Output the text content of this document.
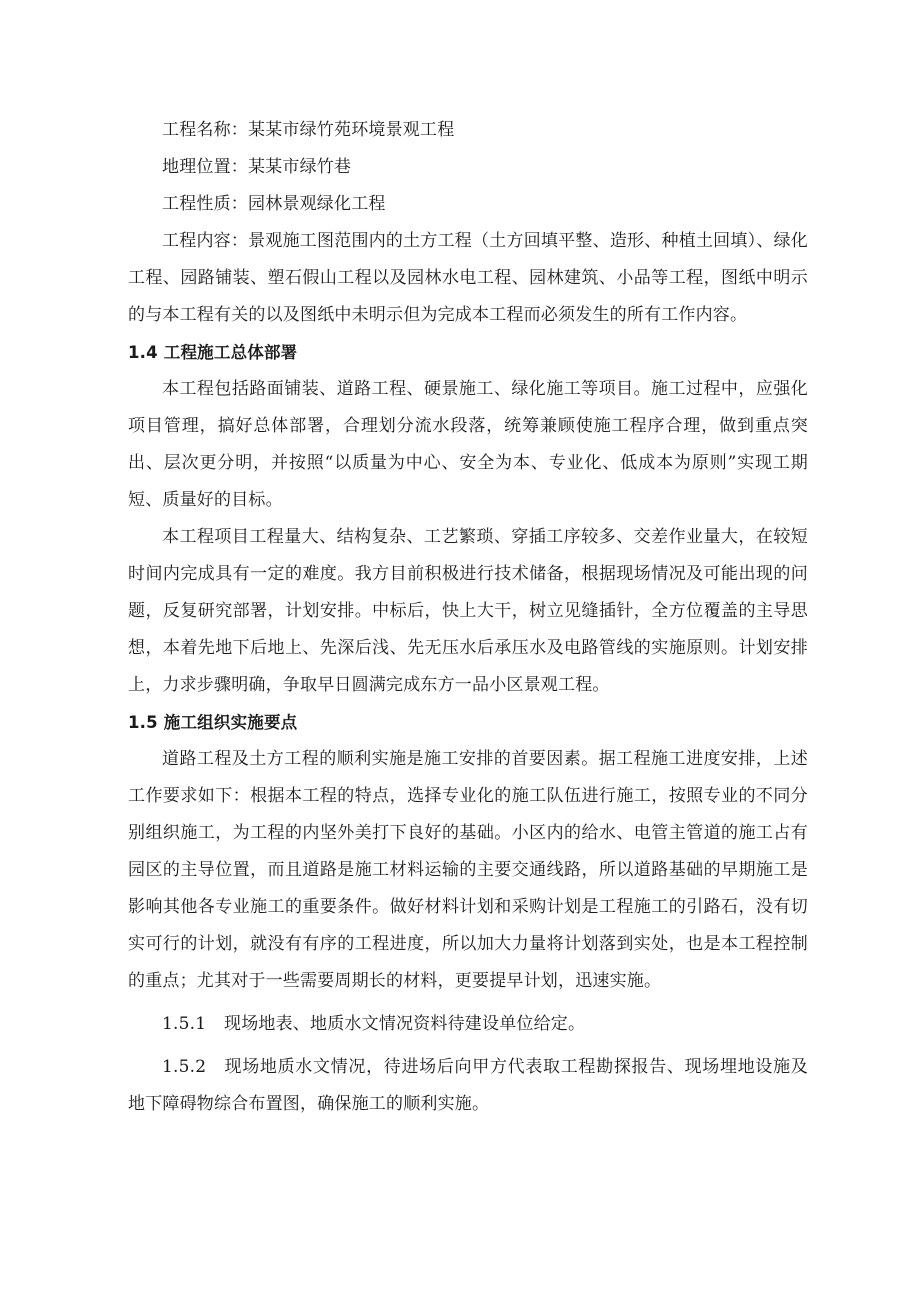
工程名称：某某市绿竹苑环境景观工程

地理位置：某某市绿竹巷

工程性质：园林景观绿化工程

工程内容：景观施工图范围内的土方工程（土方回填平整、造形、种植土回填）、绿化工程、园路铺装、塑石假山工程以及园林水电工程、园林建筑、小品等工程，图纸中明示的与本工程有关的以及图纸中未明示但为完成本工程而必须发生的所有工作内容。

1.4 工程施工总体部署

本工程包括路面铺装、道路工程、硬景施工、绿化施工等项目。施工过程中，应强化项目管理，搞好总体部署，合理划分流水段落，统筹兼顾使施工程序合理，做到重点突出、层次更分明，并按照“以质量为中心、安全为本、专业化、低成本为原则”实现工期短、质量好的目标。

本工程项目工程量大、结构复杂、工艺繁琐、穿插工序较多、交差作业量大，在较短时间内完成具有一定的难度。我方目前积极进行技术储备，根据现场情况及可能出现的问题，反复研究部署，计划安排。中标后，快上大干，树立见缝插针，全方位覆盖的主导思想，本着先地下后地上、先深后浅、先无压水后承压水及电路管线的实施原则。计划安排上，力求步骤明确，争取早日圆满完成东方一品小区景观工程。

1.5 施工组织实施要点

道路工程及土方工程的顺利实施是施工安排的首要因素。据工程施工进度安排，上述工作要求如下：根据本工程的特点，选择专业化的施工队伍进行施工，按照专业的不同分别组织施工，为工程的内坚外美打下良好的基础。小区内的给水、电管主管道的施工占有园区的主导位置，而且道路是施工材料运输的主要交通线路，所以道路基础的早期施工是影响其他各专业施工的重要条件。做好材料计划和采购计划是工程施工的引路石，没有切实可行的计划，就没有有序的工程进度，所以加大力量将计划落到实处，也是本工程控制的重点；尤其对于一些需要周期长的材料，更要提早计划，迅速实施。

1.5.1 现场地表、地质水文情况资料待建设单位给定。

1.5.2 现场地质水文情况，待进场后向甲方代表取工程勘探报告、现场埋地设施及地下障碍物综合布置图，确保施工的顺利实施。
